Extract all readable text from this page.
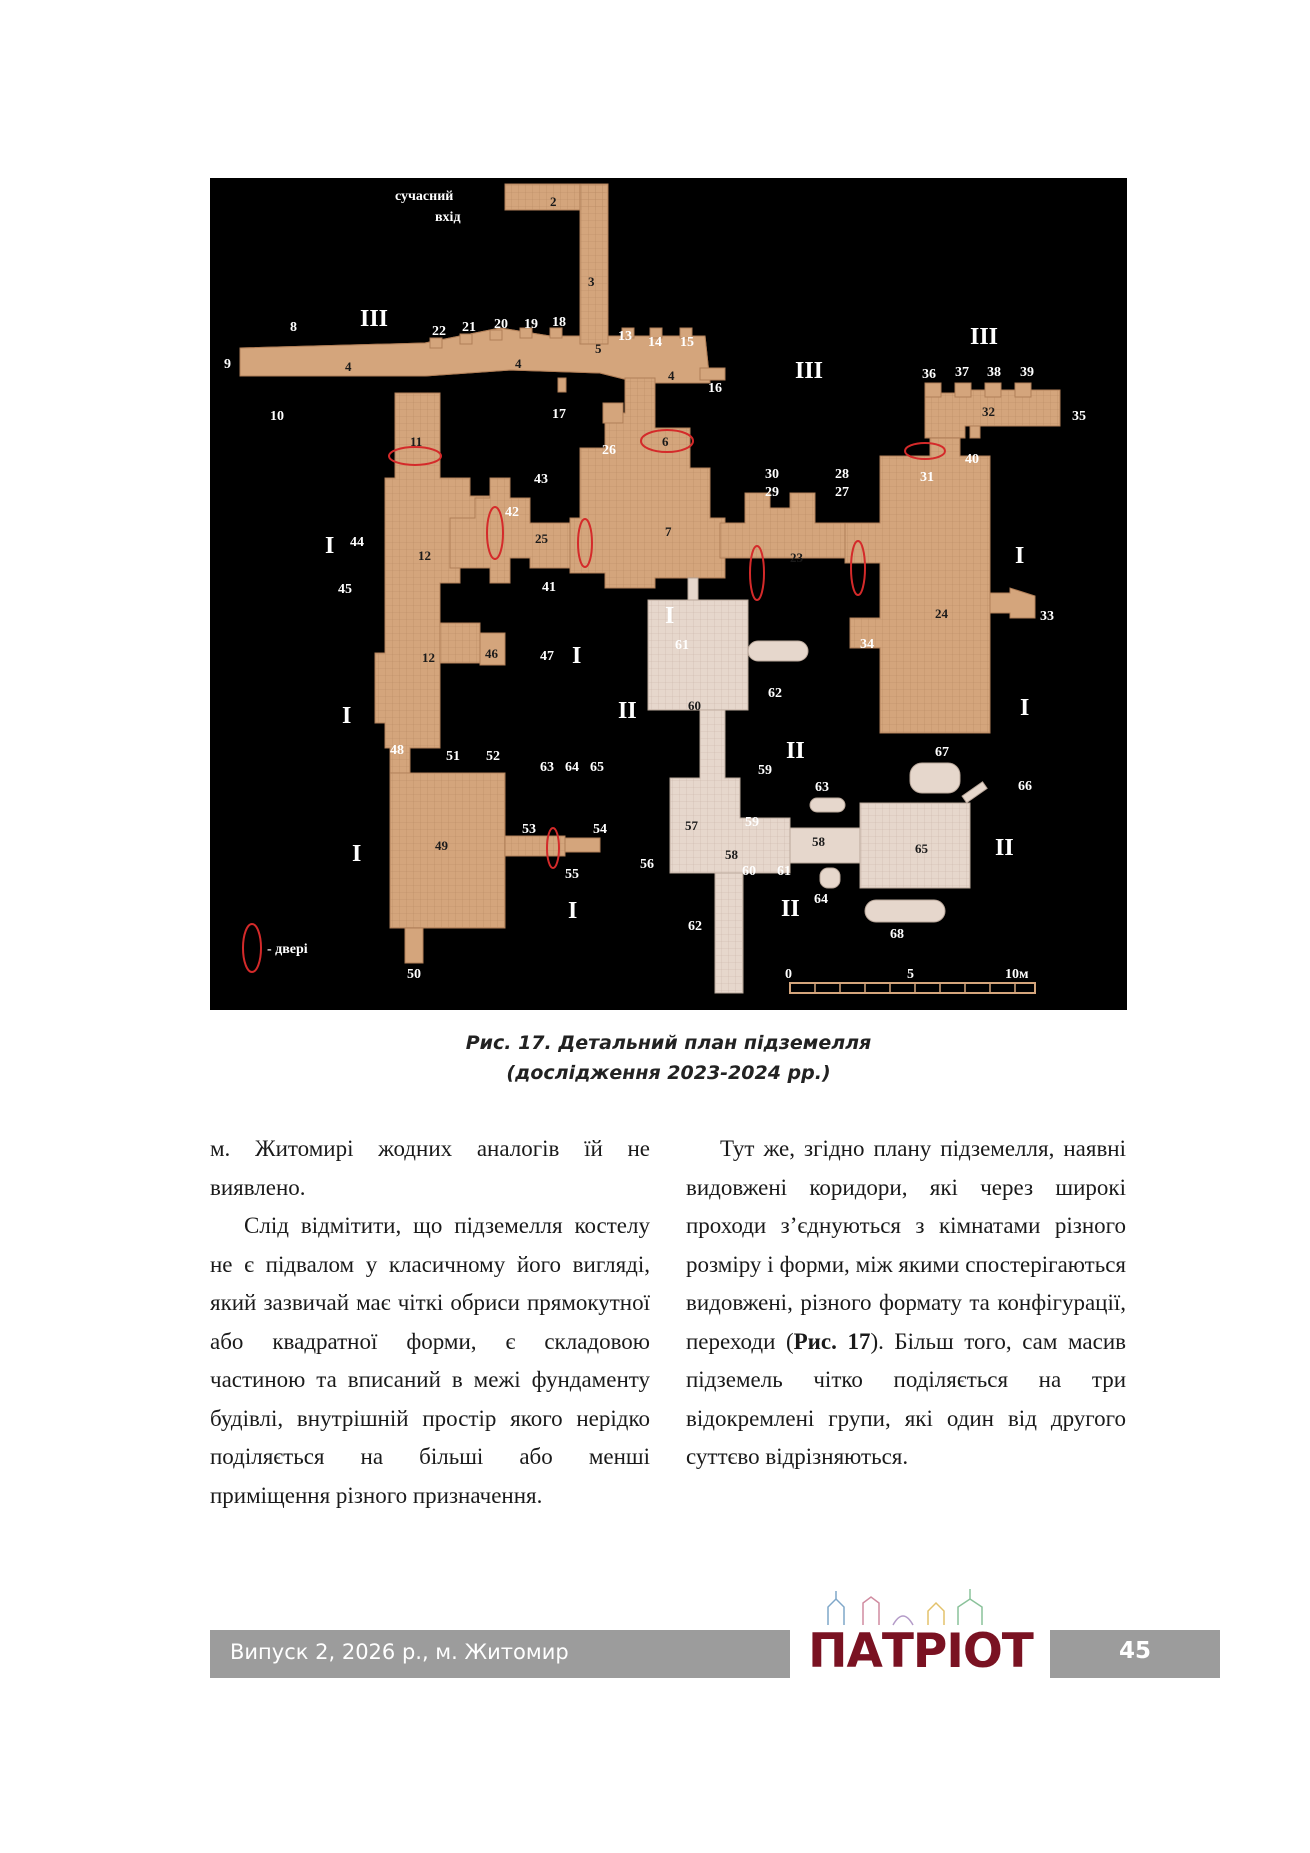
0	5	10м
сучасний
вхід
- двері
III
III
III
I	I
I
I
I	I
I
I
II
II
II
II
2
3
4	4
4
5
6
7
8
9
10
11
12
12
13 14 15
16
17
18
19
20
21
22
23
24
25
26
27
28
29
30	31
32
33
34
35
36 37 38 39
40
41
42
43
44
45
46	47
48
49
50
51 52
53	54
55
56
57
58
58
59
59
60
60
61
61
62
62
63
63
64
64
65
65
66
67
68
Рис. 17. Детальний план підземелля
(дослідження 2023-2024 рр.)

м. Житомирі жодних аналогів їй не виявлено.

Слід відмітити, що підземелля костелу не є підвалом у класичному його вигляді, який зазвичай має чіткі обриси прямокутної або квадратної форми, є складовою частиною та вписаний в межі фундаменту будівлі, внутрішній простір якого нерідко поділяється на більші або менші приміщення різного призначення.

Тут же, згідно плану підземелля, наявні видовжені коридори, які через широкі проходи з’єднуються з кімнатами різного розміру і форми, між якими спостерігаються видовжені, різного формату та конфігурації, переходи (Рис. 17). Більш того, сам масив підземель чітко поділяється на три відокремлені групи, які один від другого суттєво відрізняються.

Випуск 2, 2026 р., м. Житомир	ПАТРІОТ	45
